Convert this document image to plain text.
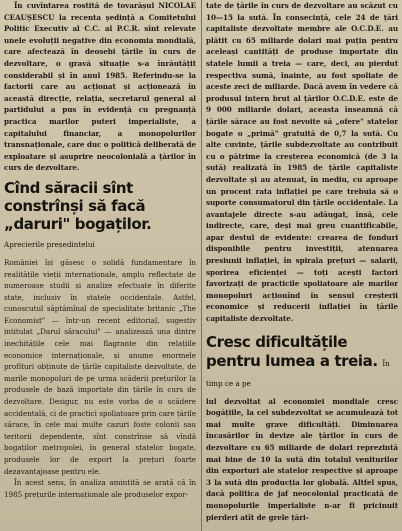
În cuvîntarea rostită de tovarășul NICOLAE CEAUȘESCU la recenta ședință a Comitetului Politic Executiv al C.C. al P.C.R. sînt relevate unele evoluții negative din economia mondială, care afectează în deosebi țările în curs de dezvoltare, o gravă situație s-a înrăutățit considerabil și în anul 1985. Referindu-se la factorii care au acționat și acționează în această direcție, relația, secretarul general al partidului a pus în evidență cu pregnanță practica marilor puteri imperialiste, a capitalului financiar, a monopolurilor transnaționale, care duc o politică deliberată de exploatare și asuprire neocolonială a țărilor în curs de dezvoltare.

Cînd săracii sînt constrînși să facă „daruri" bogaților. Aprecierile președintelui

României își găsesc o solidă fundamentare în realitățile vieții internaționale, amplu reflectate de numeroase studii și analize efectuate în diferite state, inclusiv în statele occidentale. Astfel, cunoscutul săptămînal de specialitate britanic „The Economist" — într-un recent editorial, sugestiv intitulat „Darul săracului" — analizează una dintre inechitățile cele mai flagrante din relațiile economice internaționale, și anume enormele profituri obținute de țările capitaliste dezvoltate, de marile monopoluri de pe urma scăderii prețurilor la produsele de bază importate din țările în curs de dezvoltare. Desigur, nu este vorba de o scădere accidentală, ci de practici spoliatoare prin care țările sărace, în cele mai multe cazuri foste colonii sau teritorii dependente, sînt constrînse să vîndă bogaților metropolei, în general statelor bogate, produsele lor de export la prețuri foarte dezavantajoase pentru ele.

În acest sens, în analiza amintită se arată că în 1985 prețurile internaționale ale produselor expor-

tate de țările în curs de dezvoltare au scăzut cu 10—15 la sută. În consecință, cele 24 de țări capitaliste dezvoltate membre ale O.C.D.E. au plătit cu 65 miliarde dolari mai puțin pentru aceleași cantități de produse importate din statele lumii a treia — care, deci, au pierdut respectiva sumă, înainte, au fost spoliate de aceste zeci de miliarde. Dacă avem în vedere că produsul intern brut al țărilor O.C.D.E. este de 9 000 miliarde dolari, aceasta înseamnă că țările sărace au fost nevoite să „ofere" statelor bogate o „primă" gratuită de 0,7 la sută. Cu alte cuvinte, țările subdezvoltate au contribuit cu o pătrime la creșterea economică (de 3 la sută) realizată în 1985 de țările capitaliste dezvoltate și au atenuat, în mediu, cu aproape un procent rata inflației pe care trebuia să o suporte consumatorul din țările occidentale. La avantajele directe s-au adăugat, însă, cele indirecte, care, deși mai greu cuantificabile, apar destul de evidente: crearea de fonduri disponibile pentru investiții, atenuarea presiunii inflației, în spirala prețuri — salarii, sporirea eficienței — toți acești factori favorizați de practicile spoliatoare ale marilor monopoluri acționînd în sensul creșterii economice și reducerii inflației în țările capitaliste dezvoltate.

Cresc dificultățile pentru lumea a treia. În timp ce a pe

lul dezvoltat al economiei mondiale cresc bogățiile, la cel subdezvoltat se acumulează tot mai multe grave dificultăți. Diminuarea încasărilor în devize ale țărilor în curs de dezvoltare cu 65 miliarde de dolari reprezintă mai bine de 10 la sută din totalul veniturilor din exporturi ale statelor respective și aproape 3 la sută din producția lor globală. Altfel spus, dacă politica de jaf neocolonial practicată de monopolurile imperialiste n-ar fi pricinuit pierderi atît de grele țări-
